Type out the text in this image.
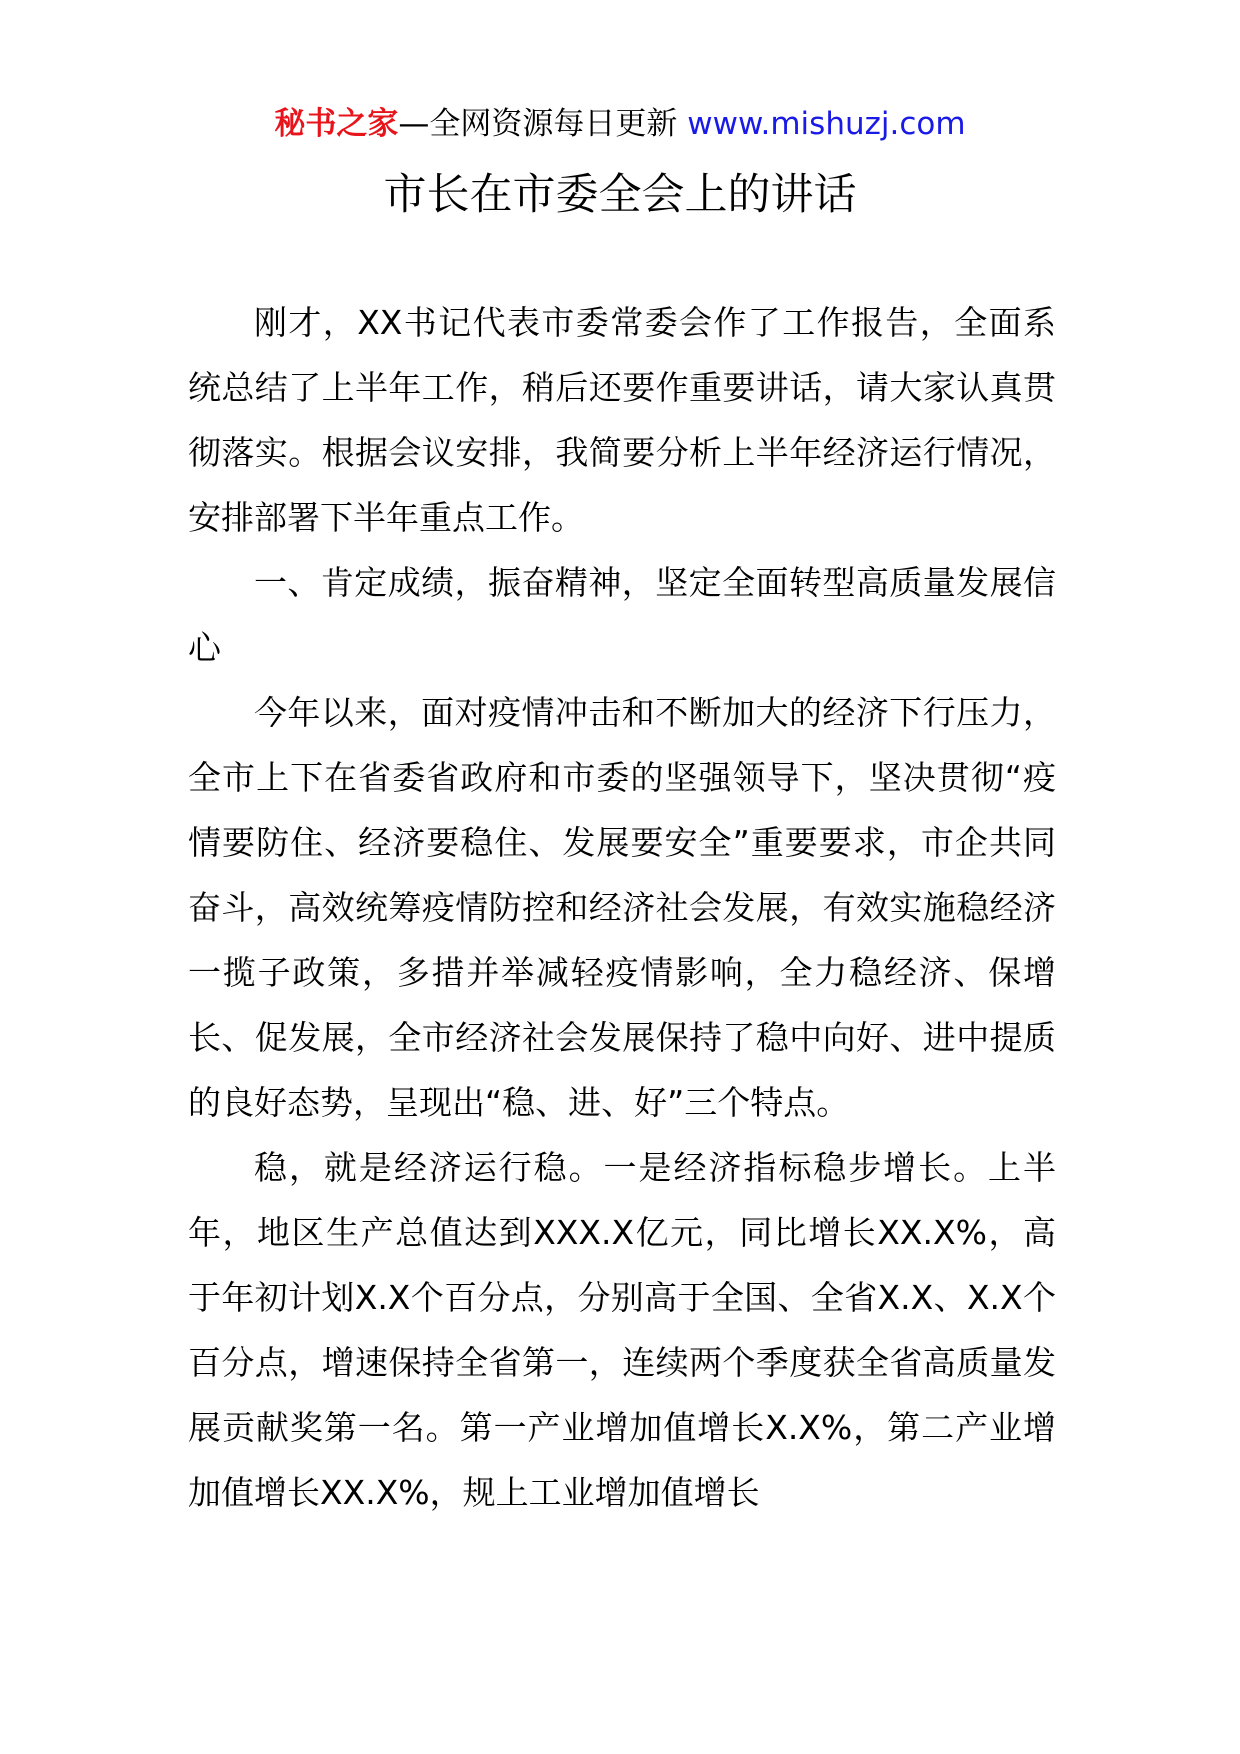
秘书之家—全网资源每日更新 www.mishuzj.com
市长在市委全会上的讲话

刚才，XX书记代表市委常委会作了工作报告，全面系统总结了上半年工作，稍后还要作重要讲话，请大家认真贯彻落实。根据会议安排，我简要分析上半年经济运行情况，安排部署下半年重点工作。

一、肯定成绩，振奋精神，坚定全面转型高质量发展信心

今年以来，面对疫情冲击和不断加大的经济下行压力，全市上下在省委省政府和市委的坚强领导下，坚决贯彻“疫情要防住、经济要稳住、发展要安全”重要要求，市企共同奋斗，高效统筹疫情防控和经济社会发展，有效实施稳经济一揽子政策，多措并举减轻疫情影响，全力稳经济、保增长、促发展，全市经济社会发展保持了稳中向好、进中提质的良好态势，呈现出“稳、进、好”三个特点。

稳，就是经济运行稳。一是经济指标稳步增长。上半年，地区生产总值达到XXX.X亿元，同比增长XX.X%，高于年初计划X.X个百分点，分别高于全国、全省X.X、X.X个百分点，增速保持全省第一，连续两个季度获全省高质量发展贡献奖第一名。第一产业增加值增长X.X%，第二产业增加值增长XX.X%，规上工业增加值增长
